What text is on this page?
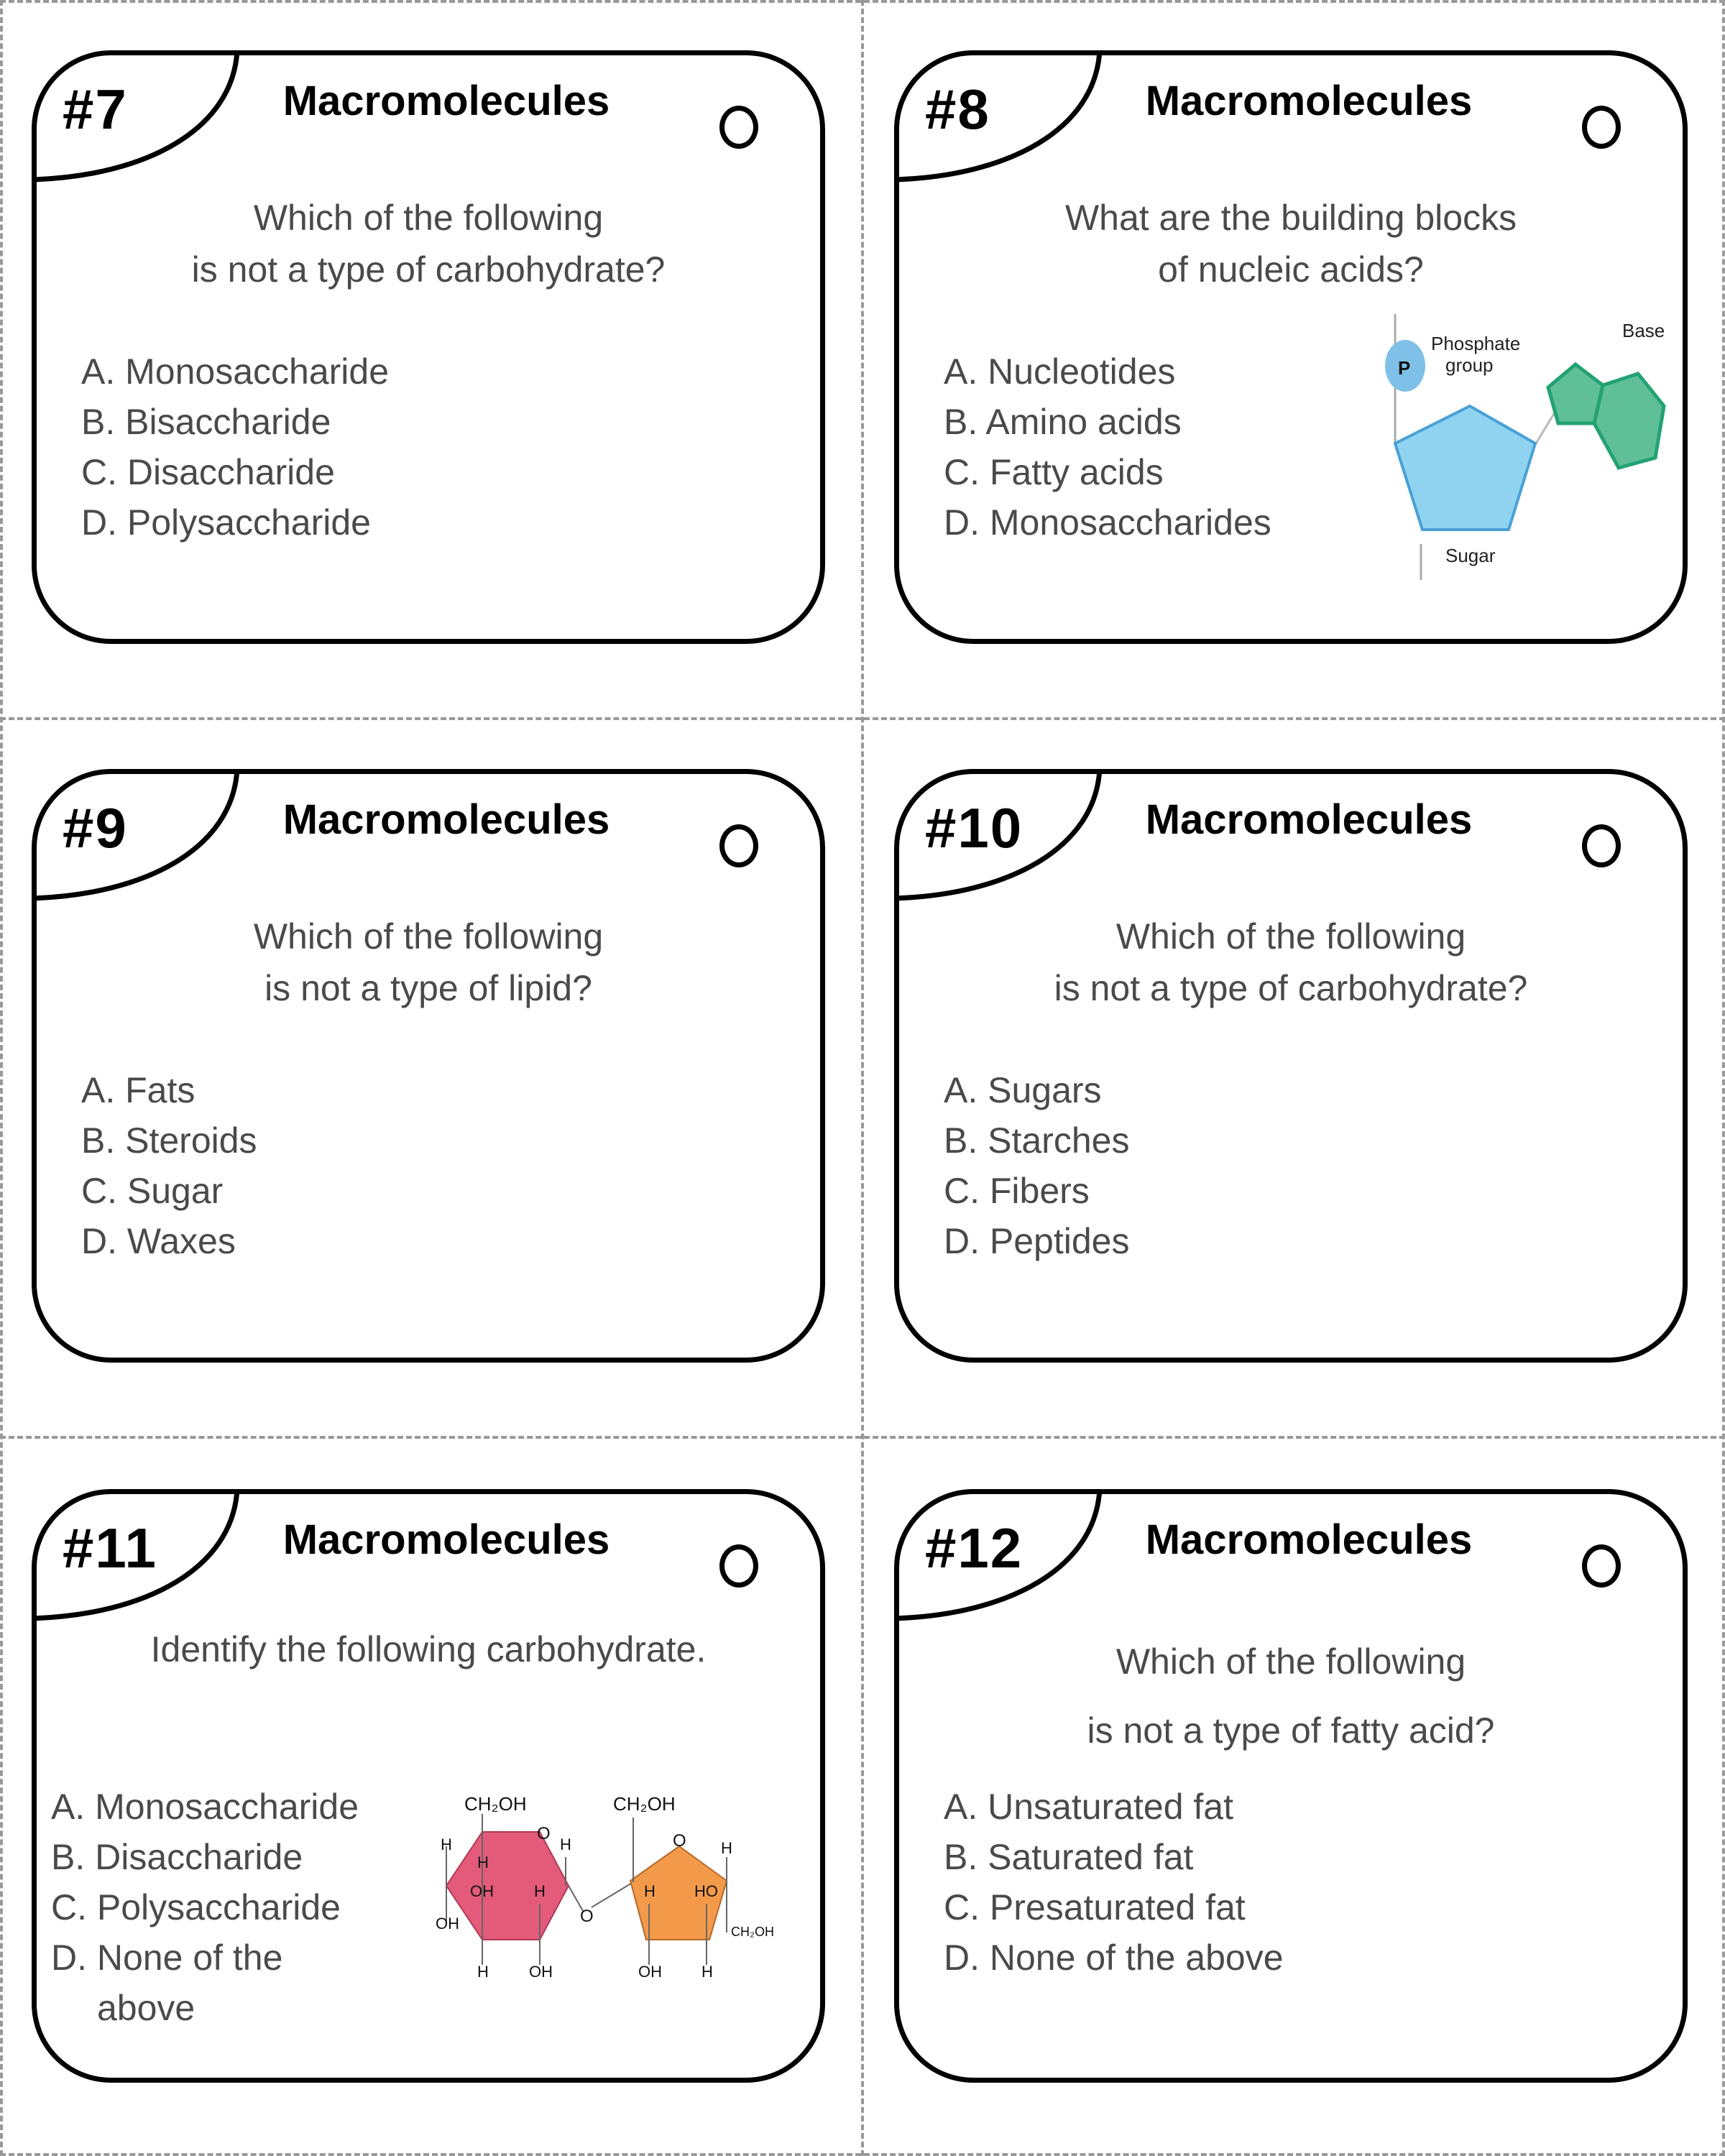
#7	Macromolecules
Which of the following
is not a type of carbohydrate?
A. Monosaccharide
B. Bisaccharide
C. Disaccharide
D. Polysaccharide
#8	Macromolecules
What are the building blocks
of nucleic acids?
A. Nucleotides
B. Amino acids
C. Fatty acids
D. Monosaccharides
P
Phosphate
group
Sugar
Base
#9	Macromolecules
Which of the following
is not a type of lipid?
A. Fats
B. Steroids
C. Sugar
D. Waxes
#10	Macromolecules
Which of the following
is not a type of carbohydrate?
A. Sugars
B. Starches
C. Fibers
D. Peptides
#11	Macromolecules
Identify the following carbohydrate.
A. Monosaccharide
B. Disaccharide
C. Polysaccharide
D. None of the
above
CH₂OH	CH₂OH
CH₂OH
O	O
O
H
H
H
H
H
H
H
H
OH
OH
OH	OH
HO
#12	Macromolecules
Which of the following
is not a type of fatty acid?
A. Unsaturated fat
B. Saturated fat
C. Presaturated fat
D. None of the above
